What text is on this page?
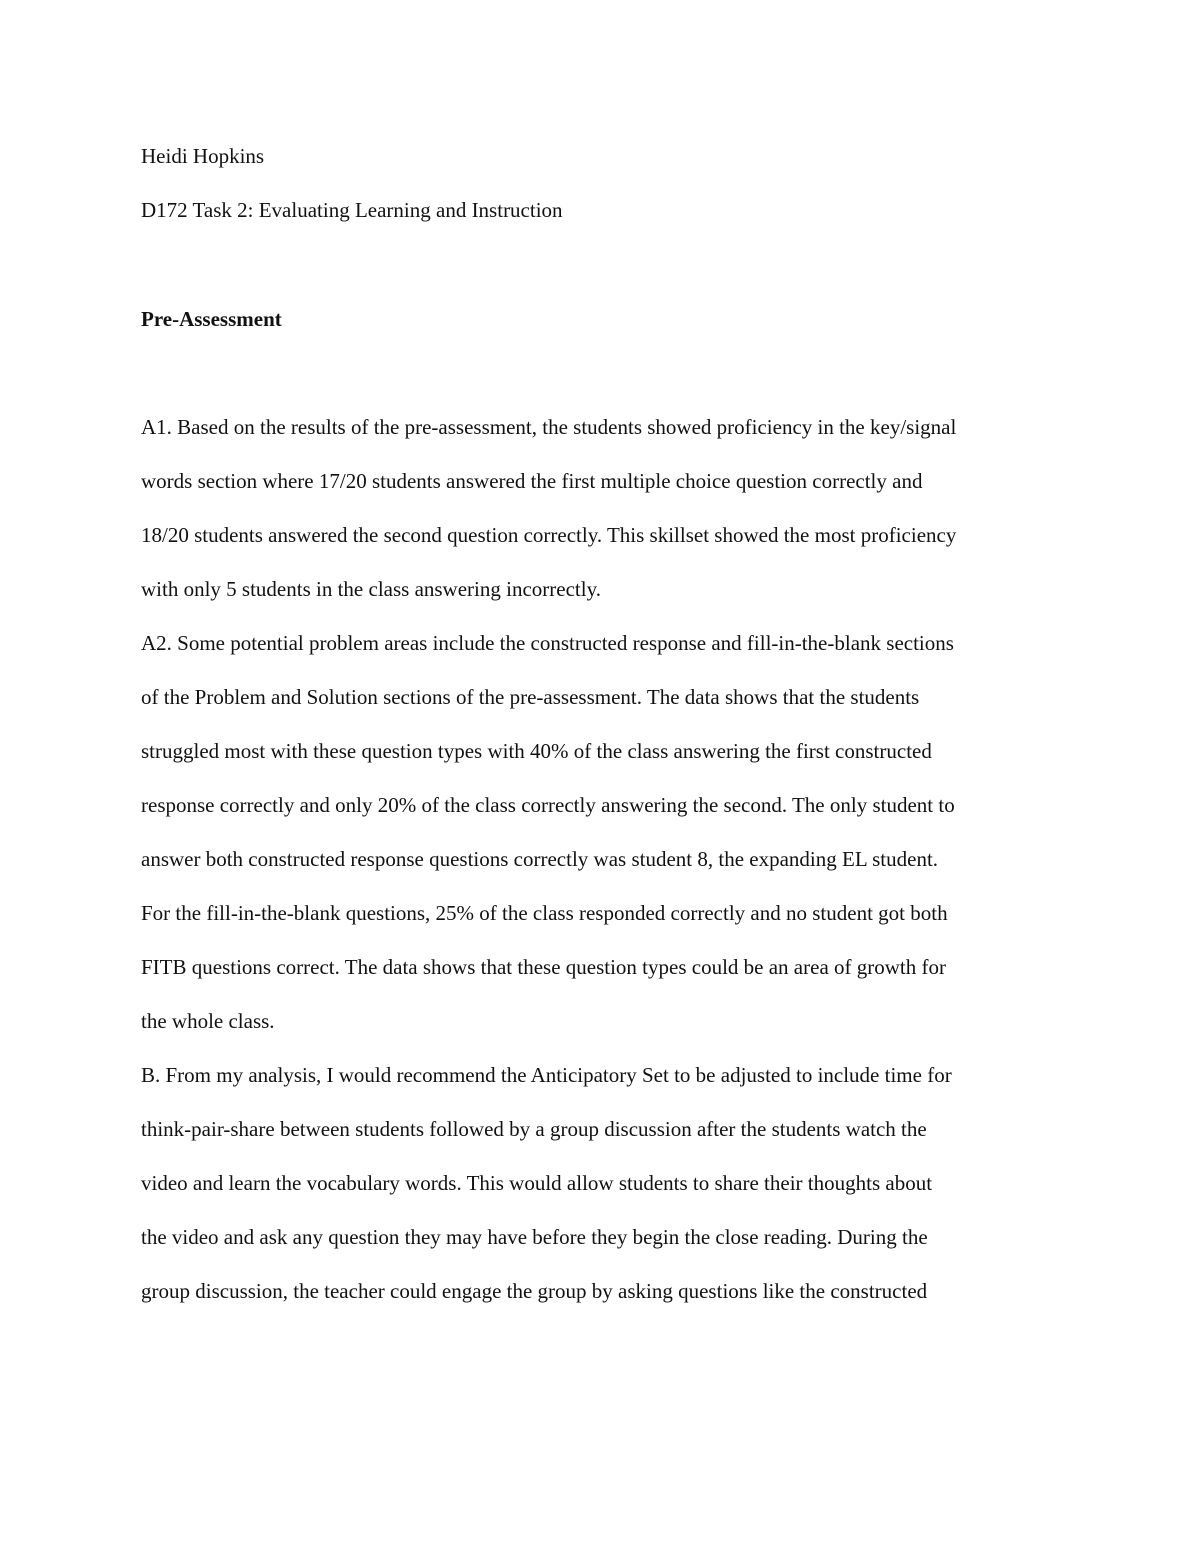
Heidi Hopkins
D172 Task 2: Evaluating Learning and Instruction
Pre-Assessment
A1. Based on the results of the pre-assessment, the students showed proficiency in the key/signal
words section where 17/20 students answered the first multiple choice question correctly and
18/20 students answered the second question correctly. This skillset showed the most proficiency
with only 5 students in the class answering incorrectly.
A2. Some potential problem areas include the constructed response and fill-in-the-blank sections
of the Problem and Solution sections of the pre-assessment. The data shows that the students
struggled most with these question types with 40% of the class answering the first constructed
response correctly and only 20% of the class correctly answering the second. The only student to
answer both constructed response questions correctly was student 8, the expanding EL student.
For the fill-in-the-blank questions, 25% of the class responded correctly and no student got both
FITB questions correct. The data shows that these question types could be an area of growth for
the whole class.
B. From my analysis, I would recommend the Anticipatory Set to be adjusted to include time for
think-pair-share between students followed by a group discussion after the students watch the
video and learn the vocabulary words. This would allow students to share their thoughts about
the video and ask any question they may have before they begin the close reading. During the
group discussion, the teacher could engage the group by asking questions like the constructed
